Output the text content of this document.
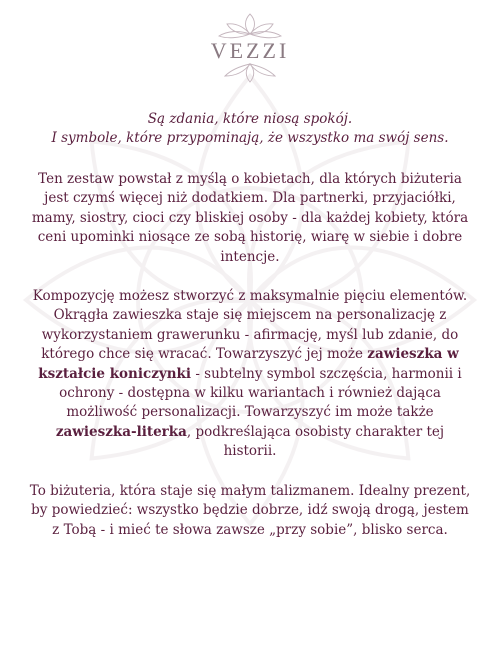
VEZZI
Są zdania, które niosą spokój.
I symbole, które przypominają, że wszystko ma swój sens.

Ten zestaw powstał z myślą o kobietach, dla których biżuteria jest czymś więcej niż dodatkiem. Dla partnerki, przyjaciółki, mamy, siostry, cioci czy bliskiej osoby - dla każdej kobiety, która ceni upominki niosące ze sobą historię, wiarę w siebie i dobre intencje.

Kompozycję możesz stworzyć z maksymalnie pięciu elementów. Okrągła zawieszka staje się miejscem na personalizację z wykorzystaniem grawerunku - afirmację, myśl lub zdanie, do którego chce się wracać. Towarzyszyć jej może zawieszka w kształcie koniczynki - subtelny symbol szczęścia, harmonii i ochrony - dostępna w kilku wariantach i również dająca możliwość personalizacji. Towarzyszyć im może także zawieszka-literka, podkreślająca osobisty charakter tej historii.

To biżuteria, która staje się małym talizmanem. Idealny prezent, by powiedzieć: wszystko będzie dobrze, idź swoją drogą, jestem z Tobą - i mieć te słowa zawsze „przy sobie”, blisko serca.
